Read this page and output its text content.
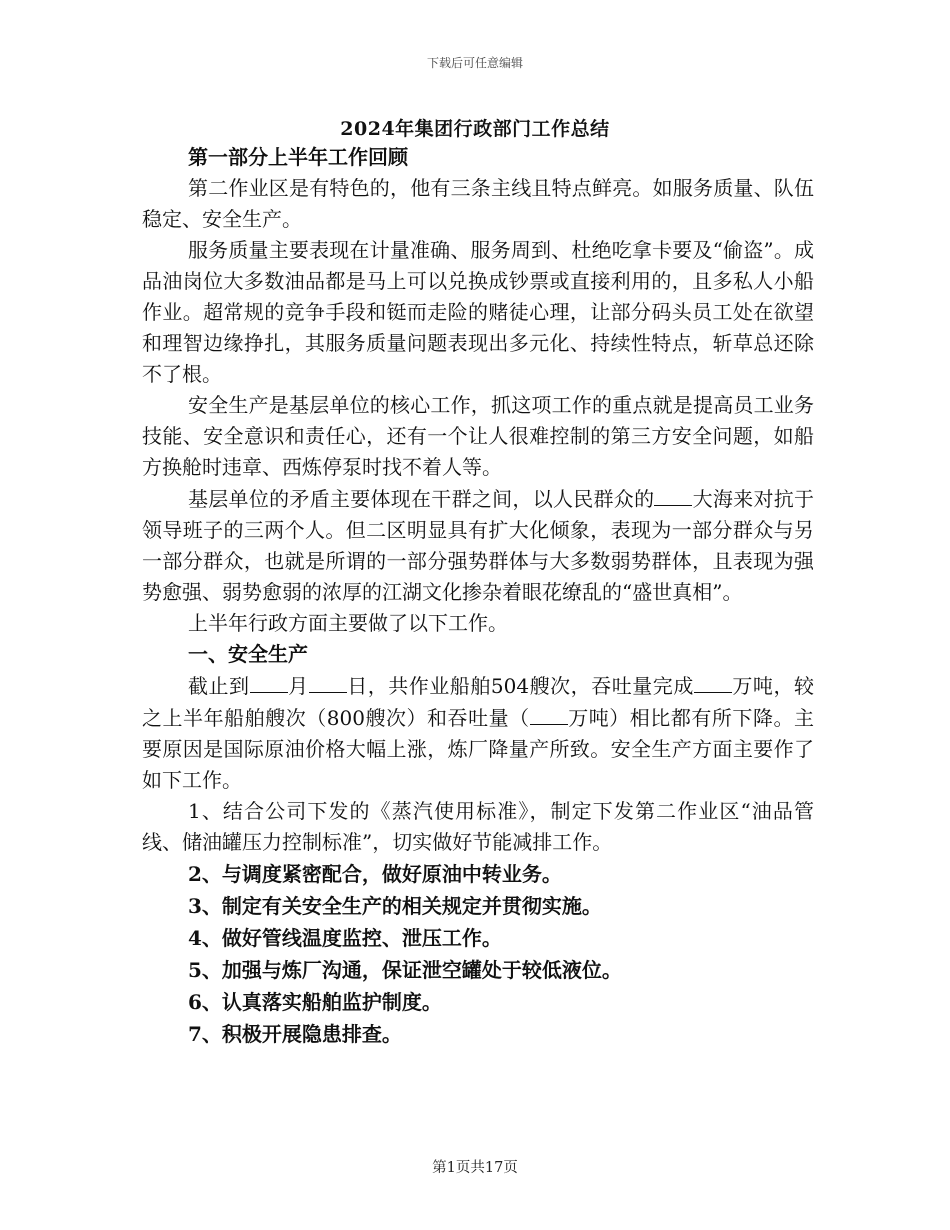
下载后可任意编辑
2024年集团行政部门工作总结

第一部分上半年工作回顾

第二作业区是有特色的，他有三条主线且特点鲜亮。如服务质量、队伍稳定、安全生产。

服务质量主要表现在计量准确、服务周到、杜绝吃拿卡要及“偷盗”。成品油岗位大多数油品都是马上可以兑换成钞票或直接利用的，且多私人小船作业。超常规的竞争手段和铤而走险的赌徒心理，让部分码头员工处在欲望和理智边缘挣扎，其服务质量问题表现出多元化、持续性特点，斩草总还除不了根。

安全生产是基层单位的核心工作，抓这项工作的重点就是提高员工业务技能、安全意识和责任心，还有一个让人很难控制的第三方安全问题，如船方换舱时违章、西炼停泵时找不着人等。

基层单位的矛盾主要体现在干群之间，以人民群众的 大海来对抗于领导班子的三两个人。但二区明显具有扩大化倾象，表现为一部分群众与另一部分群众，也就是所谓的一部分强势群体与大多数弱势群体，且表现为强势愈强、弱势愈弱的浓厚的江湖文化掺杂着眼花缭乱的“盛世真相”。

上半年行政方面主要做了以下工作。

一、安全生产

截止到 月 日，共作业船舶504艘次，吞吐量完成 万吨，较之上半年船舶艘次（800艘次）和吞吐量（ 万吨）相比都有所下降。主要原因是国际原油价格大幅上涨，炼厂降量产所致。安全生产方面主要作了如下工作。

1、结合公司下发的《蒸汽使用标准》，制定下发第二作业区“油品管线、储油罐压力控制标准”，切实做好节能减排工作。

2、与调度紧密配合，做好原油中转业务。

3、制定有关安全生产的相关规定并贯彻实施。

4、做好管线温度监控、泄压工作。

5、加强与炼厂沟通，保证泄空罐处于较低液位。

6、认真落实船舶监护制度。

7、积极开展隐患排查。

第1页共17页
